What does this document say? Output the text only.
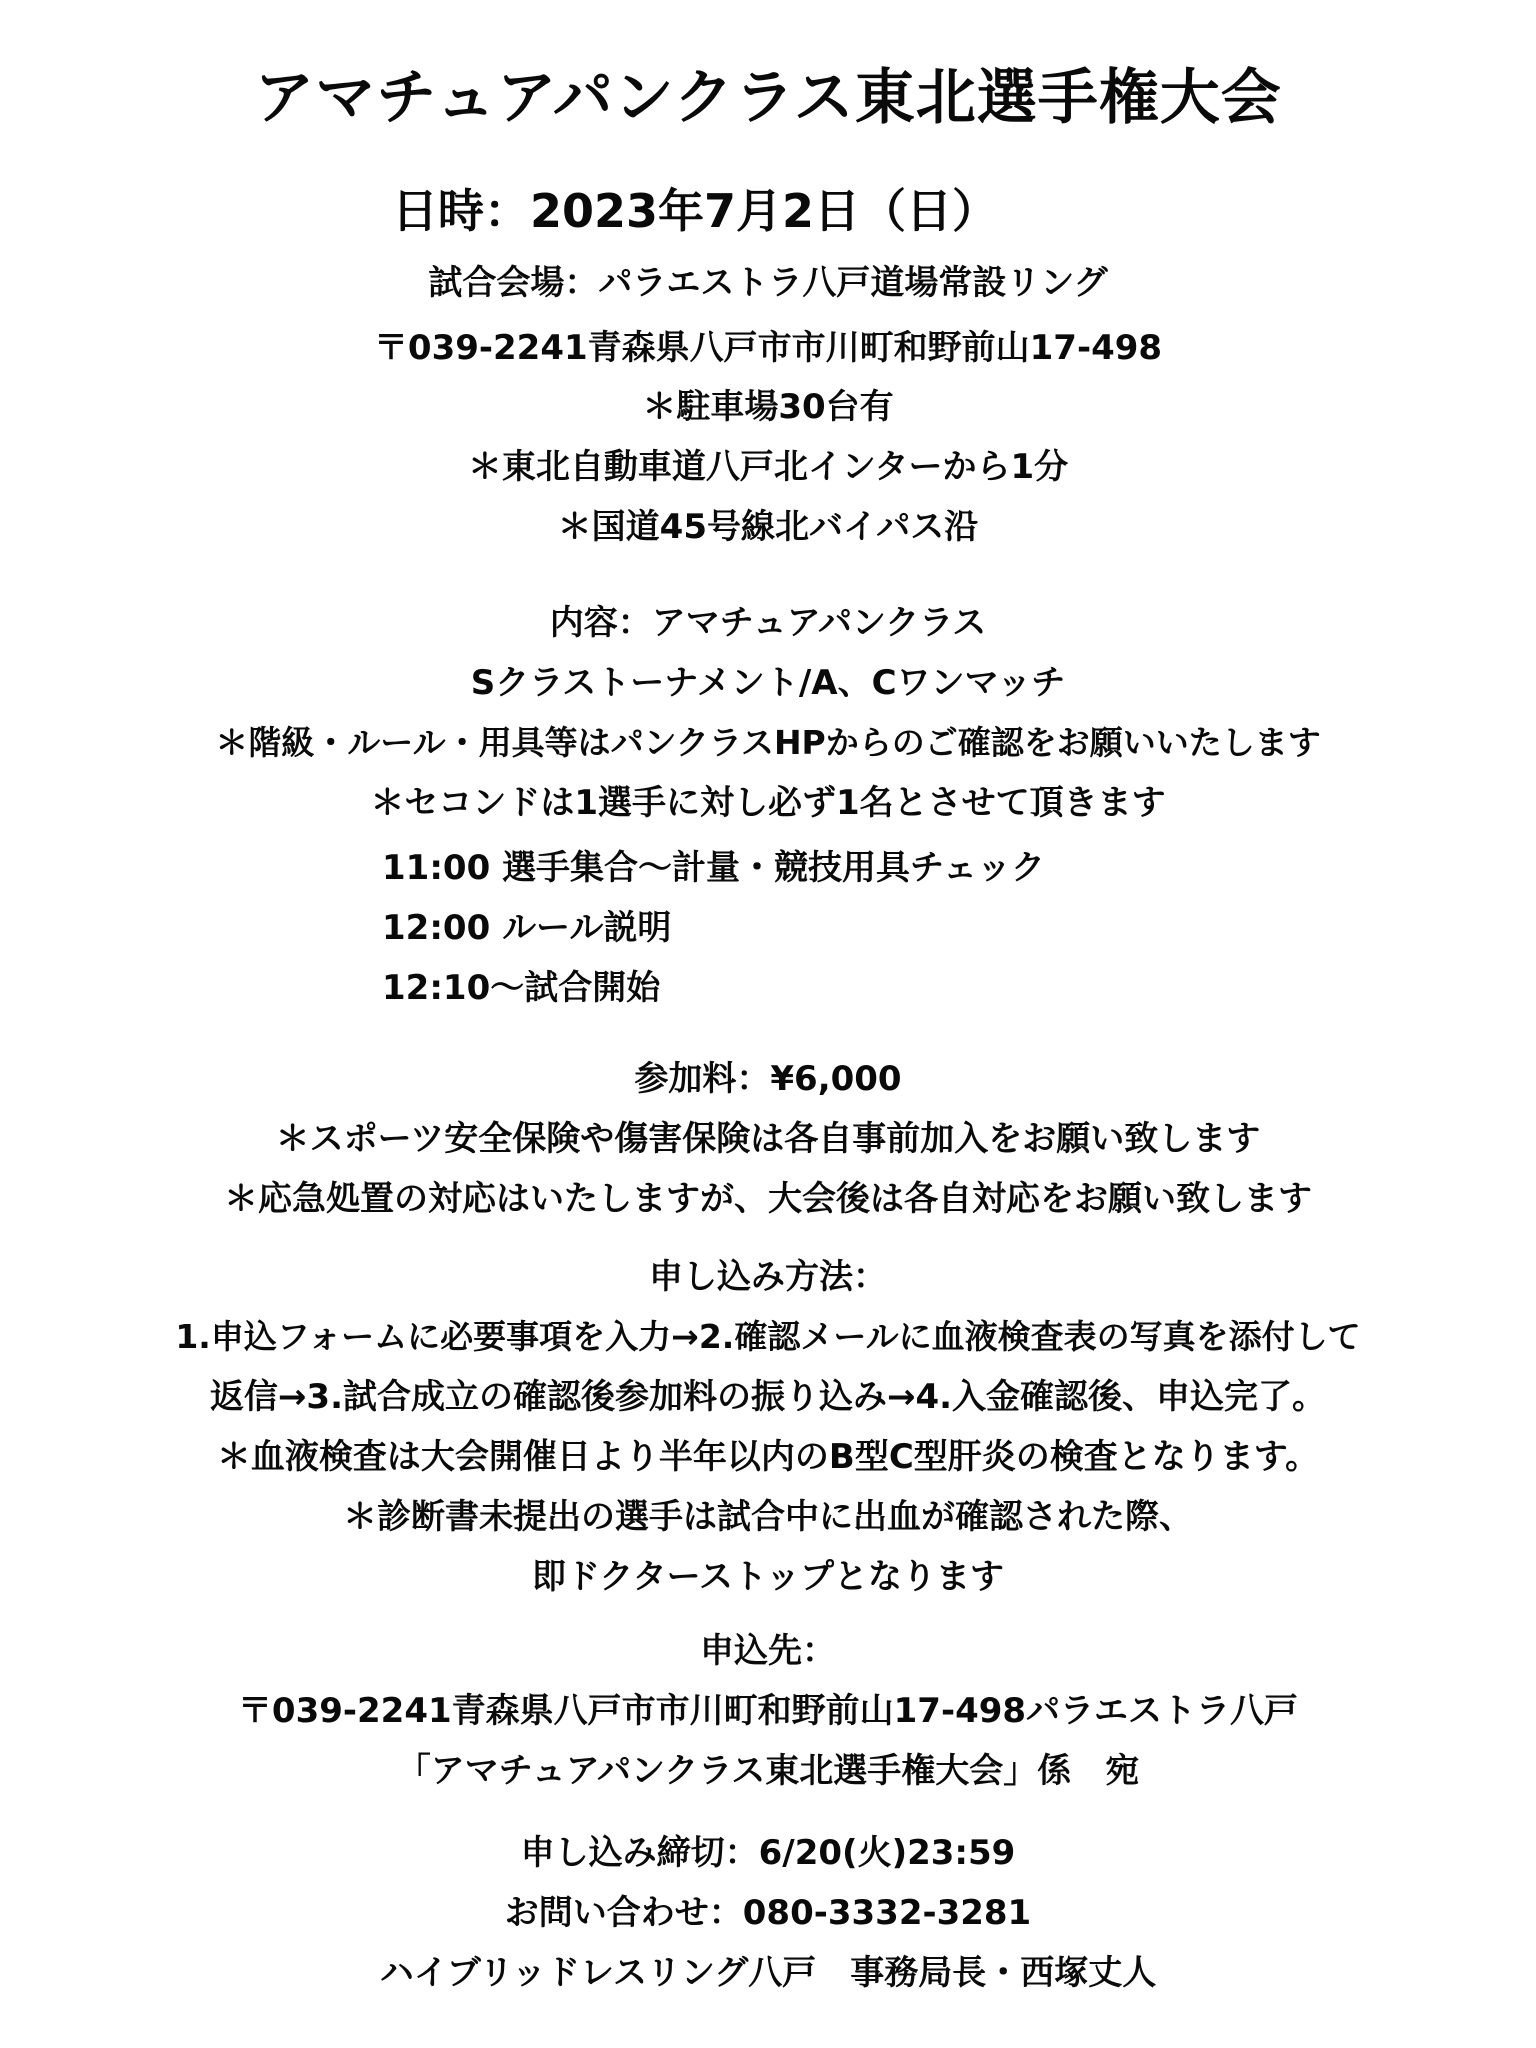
アマチュアパンクラス東北選手権大会
日時：2023年7月2日（日）
試合会場：パラエストラ八戸道場常設リング
〒039-2241青森県八戸市市川町和野前山17-498
＊駐車場30台有
＊東北自動車道八戸北インターから1分
＊国道45号線北バイパス沿
内容：アマチュアパンクラス
Sクラストーナメント/A、Cワンマッチ
＊階級・ルール・用具等はパンクラスHPからのご確認をお願いいたします
＊セコンドは1選手に対し必ず1名とさせて頂きます
11:00 選手集合〜計量・競技用具チェック
12:00 ルール説明
12:10〜試合開始
参加料：¥6,000
＊スポーツ安全保険や傷害保険は各自事前加入をお願い致します
＊応急処置の対応はいたしますが、大会後は各自対応をお願い致します
申し込み方法：
1.申込フォームに必要事項を入力→2.確認メールに血液検査表の写真を添付して
返信→3.試合成立の確認後参加料の振り込み→4.入金確認後、申込完了。
＊血液検査は大会開催日より半年以内のB型C型肝炎の検査となります。
＊診断書未提出の選手は試合中に出血が確認された際、
即ドクターストップとなります
申込先：
〒039-2241青森県八戸市市川町和野前山17-498パラエストラ八戸
「アマチュアパンクラス東北選手権大会」係　宛
申し込み締切：6/20(火)23:59
お問い合わせ：080-3332-3281
ハイブリッドレスリング八戸　事務局長・西塚丈人
